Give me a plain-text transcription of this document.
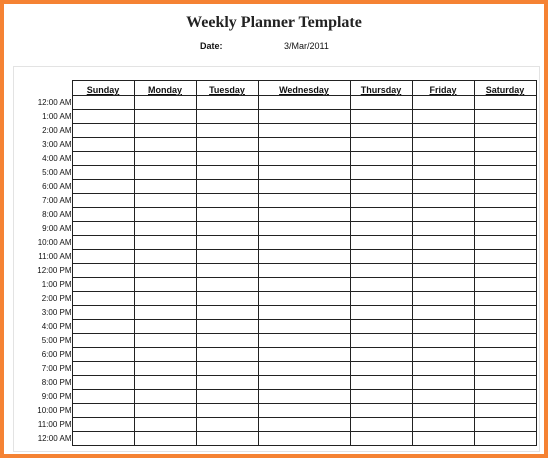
Weekly Planner Template
Date:	3/Mar/2011
	Sunday	Monday	Tuesday	Wednesday	Thursday	Friday	Saturday
12:00 AM							
1:00 AM							
2:00 AM							
3:00 AM							
4:00 AM							
5:00 AM							
6:00 AM							
7:00 AM							
8:00 AM							
9:00 AM							
10:00 AM							
11:00 AM							
12:00 PM							
1:00 PM							
2:00 PM							
3:00 PM							
4:00 PM							
5:00 PM							
6:00 PM							
7:00 PM							
8:00 PM							
9:00 PM							
10:00 PM							
11:00 PM							
12:00 AM							
